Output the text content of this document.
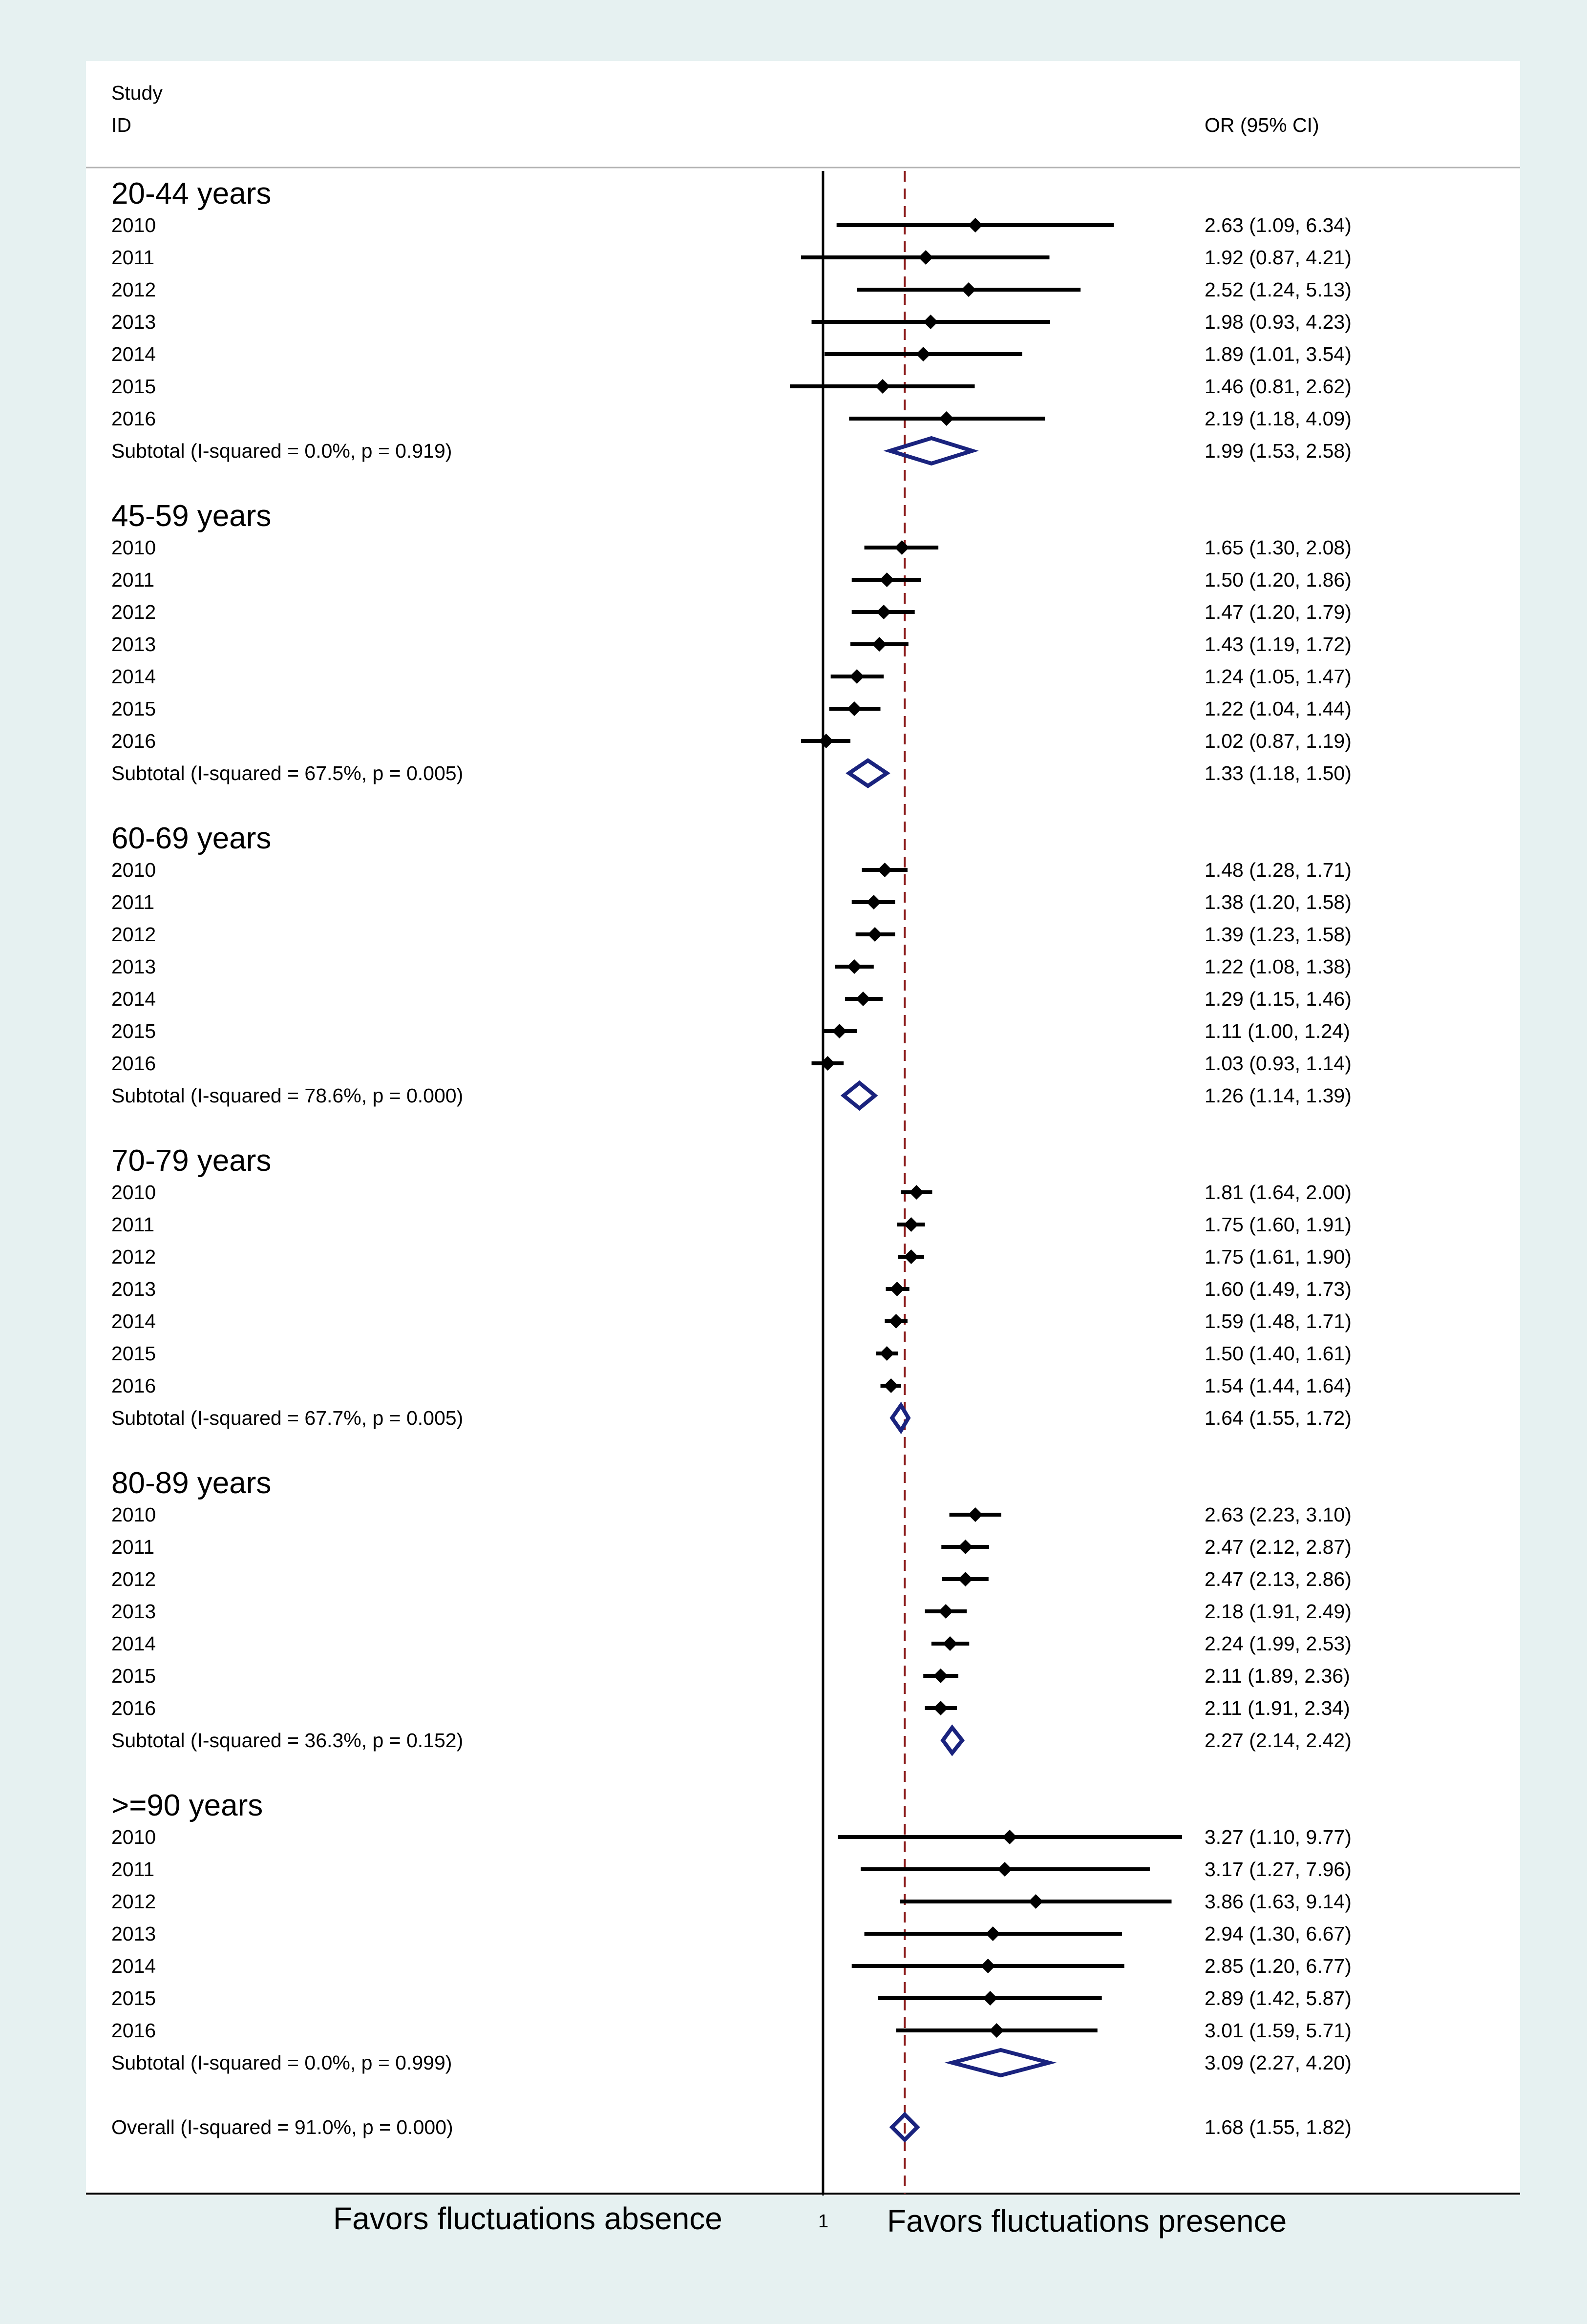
Study
ID	OR (95% CI)
20-44 years
2010	2.63 (1.09, 6.34)
2011	1.92 (0.87, 4.21)
2012	2.52 (1.24, 5.13)
2013	1.98 (0.93, 4.23)
2014	1.89 (1.01, 3.54)
2015	1.46 (0.81, 2.62)
2016	2.19 (1.18, 4.09)
Subtotal (I-squared = 0.0%, p = 0.919)	1.99 (1.53, 2.58)
45-59 years
2010	1.65 (1.30, 2.08)
2011	1.50 (1.20, 1.86)
2012	1.47 (1.20, 1.79)
2013	1.43 (1.19, 1.72)
2014	1.24 (1.05, 1.47)
2015	1.22 (1.04, 1.44)
2016	1.02 (0.87, 1.19)
Subtotal (I-squared = 67.5%, p = 0.005)	1.33 (1.18, 1.50)
60-69 years
2010	1.48 (1.28, 1.71)
2011	1.38 (1.20, 1.58)
2012	1.39 (1.23, 1.58)
2013	1.22 (1.08, 1.38)
2014	1.29 (1.15, 1.46)
2015	1.11 (1.00, 1.24)
2016	1.03 (0.93, 1.14)
Subtotal (I-squared = 78.6%, p = 0.000)	1.26 (1.14, 1.39)
70-79 years
2010	1.81 (1.64, 2.00)
2011	1.75 (1.60, 1.91)
2012	1.75 (1.61, 1.90)
2013	1.60 (1.49, 1.73)
2014	1.59 (1.48, 1.71)
2015	1.50 (1.40, 1.61)
2016	1.54 (1.44, 1.64)
Subtotal (I-squared = 67.7%, p = 0.005)	1.64 (1.55, 1.72)
80-89 years
2010	2.63 (2.23, 3.10)
2011	2.47 (2.12, 2.87)
2012	2.47 (2.13, 2.86)
2013	2.18 (1.91, 2.49)
2014	2.24 (1.99, 2.53)
2015	2.11 (1.89, 2.36)
2016	2.11 (1.91, 2.34)
Subtotal (I-squared = 36.3%, p = 0.152)	2.27 (2.14, 2.42)
>=90 years
2010	3.27 (1.10, 9.77)
2011	3.17 (1.27, 7.96)
2012	3.86 (1.63, 9.14)
2013	2.94 (1.30, 6.67)
2014	2.85 (1.20, 6.77)
2015	2.89 (1.42, 5.87)
2016	3.01 (1.59, 5.71)
Subtotal (I-squared = 0.0%, p = 0.999)	3.09 (2.27, 4.20)
Overall (I-squared = 91.0%, p = 0.000)	1.68 (1.55, 1.82)
Favors fluctuations absence	1 Favors fluctuations presence
